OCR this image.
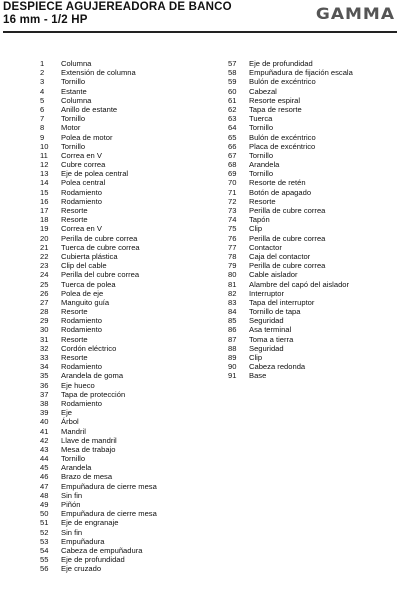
DESPIECE AGUJEREADORA DE BANCO
16 mm - 1/2 HP	GAMMA
1 Columna
2 Extensión de columna
3 Tornillo
4 Estante
5 Columna
6 Anillo de estante
7 Tornillo
8 Motor
9 Polea de motor
10 Tornillo
11 Correa en V
12 Cubre correa
13 Eje de polea central
14 Polea central
15 Rodamiento
16 Rodamiento
17 Resorte
18 Resorte
19 Correa en V
20 Perilla de cubre correa
21 Tuerca de cubre correa
22 Cubierta plástica
23 Clip del cable
24 Perilla del cubre correa
25 Tuerca de polea
26 Polea de eje
27 Manguito guía
28 Resorte
29 Rodamiento
30 Rodamiento
31 Resorte
32 Cordón eléctrico
33 Resorte
34 Rodamiento
35 Arandela de goma
36 Eje hueco
37 Tapa de protección
38 Rodamiento
39 Eje
40 Árbol
41 Mandril
42 Llave de mandril
43 Mesa de trabajo
44 Tornillo
45 Arandela
46 Brazo de mesa
47 Empuñadura de cierre mesa
48 Sin fin
49 Piñón
50 Empuñadura de cierre mesa
51 Eje de engranaje
52 Sin fin
53 Empuñadura
54 Cabeza de empuñadura
55 Eje de profundidad
56 Eje cruzado
57 Eje de profundidad
58 Empuñadura de fijación escala
59 Bulón de excéntrico
60 Cabezal
61 Resorte espiral
62 Tapa de resorte
63 Tuerca
64 Tornillo
65 Bulón de excéntrico
66 Placa de excéntrico
67 Tornillo
68 Arandela
69 Tornillo
70 Resorte de retén
71 Botón de apagado
72 Resorte
73 Perilla de cubre correa
74 Tapón
75 Clip
76 Perilla de cubre correa
77 Contactor
78 Caja del contactor
79 Perilla de cubre correa
80 Cable aislador
81 Alambre del capó del aislador
82 Interruptor
83 Tapa del interruptor
84 Tornillo de tapa
85 Seguridad
86 Asa terminal
87 Toma a tierra
88 Seguridad
89 Clip
90 Cabeza redonda
91 Base
